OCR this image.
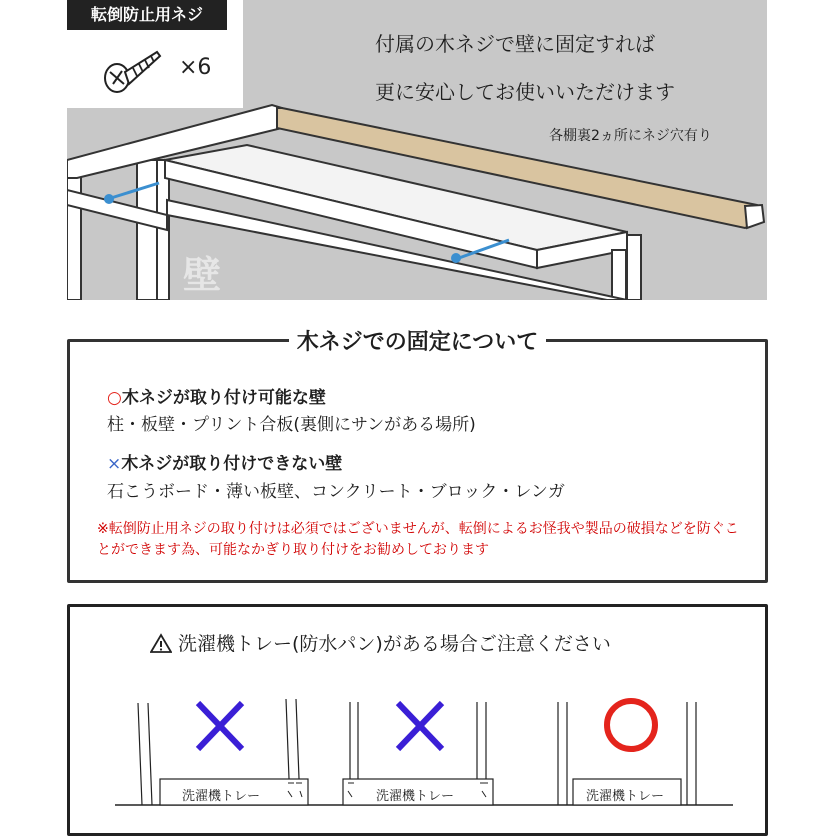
転倒防止用ネジ
×6
付属の木ネジで壁に固定すれば
更に安心してお使いいただけます
各棚裏2ヵ所にネジ穴有り
壁
木ネジでの固定について
○木ネジが取り付け可能な壁
柱・板壁・プリント合板(裏側にサンがある場所)
×木ネジが取り付けできない壁
石こうボード・薄い板壁、コンクリート・ブロック・レンガ
※転倒防止用ネジの取り付けは必須ではございませんが、転倒によるお怪我や製品の破損などを防ぐことができます為、可能なかぎり取り付けをお勧めしております
洗濯機トレー(防水パン)がある場合ご注意ください
洗濯機トレー	洗濯機トレー	洗濯機トレー
